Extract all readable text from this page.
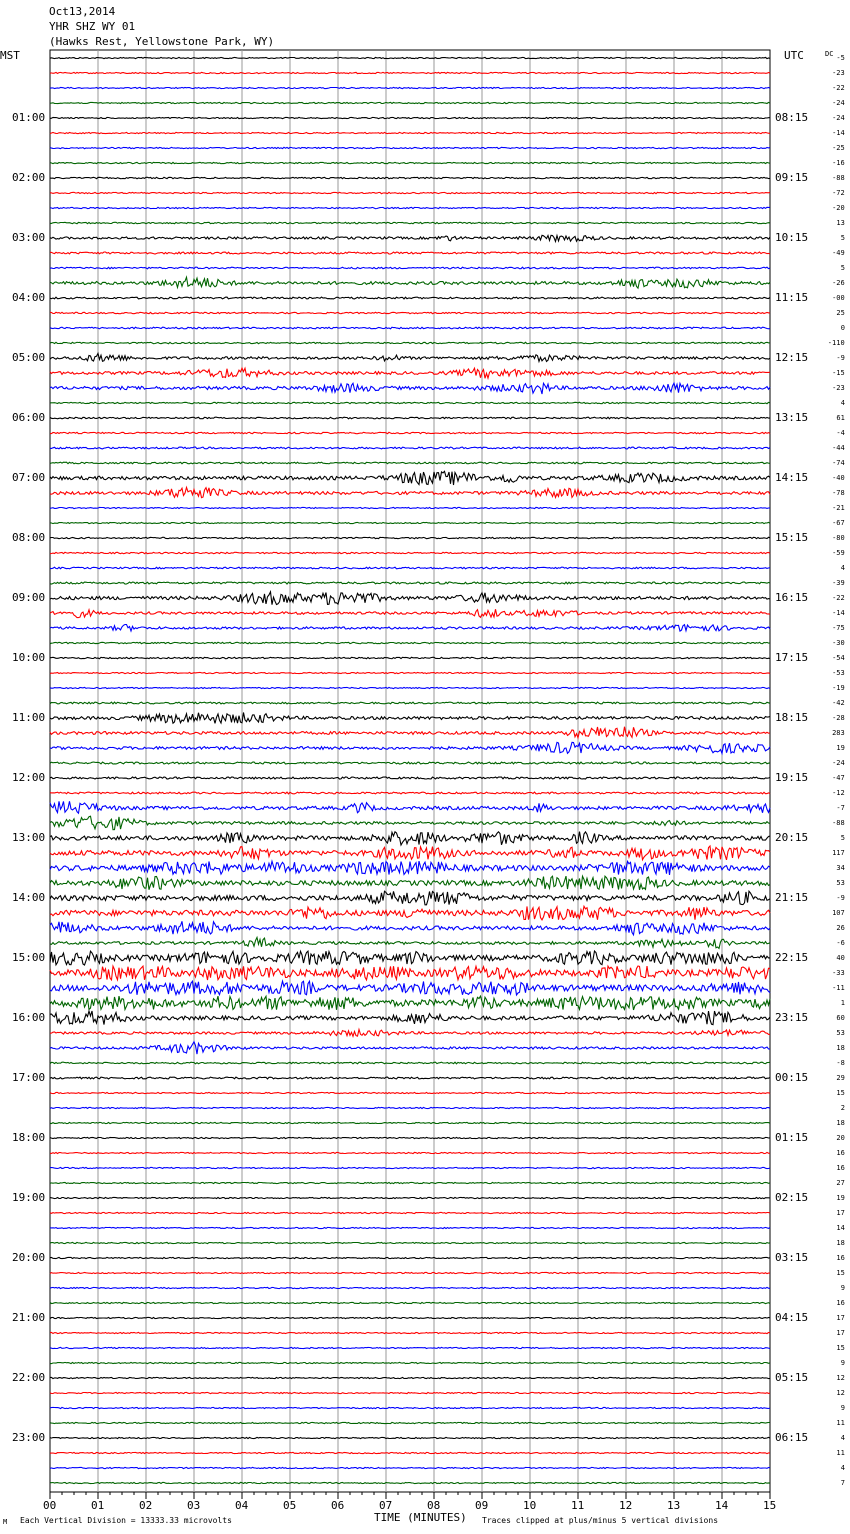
Oct13,2014
YHR SHZ WY 01
(Hawks Rest, Yellowstone Park, WY)
MST	UTC	DC
01:00
02:00
03:00
04:00
05:00
06:00
07:00
08:00
09:00
10:00
11:00
12:00
13:00
14:00
15:00
16:00
17:00
18:00
19:00
20:00
21:00
22:00
23:00
08:15
09:15
10:15
11:15
12:15
13:15
14:15
15:15
16:15
17:15
18:15
19:15
20:15
21:15
22:15
23:15
00:15
01:15
02:15
03:15
04:15
05:15
06:15
-5
-23
-22
-24
-24
-14
-25
-16
-88
-72
-20
13
5
-49
5
-26
-00
25
0
-110
-9
-15
-23
4
61
-4
-44
-74
-40
-78
-21
-67
-80
-59
4
-39
-22
-14
-75
-30
-54
-53
-19
-42
-28
283
19
-24
-47
-12
-7
-88
5
117
34
53
-9
107
26
-6
40
-33
-11
1
60
53
18
-8
29
15
2
18
20
16
16
27
19
17
14
18
16
15
9
16
17
17
15
9
12
12
9
11
4
11
4
7
00	01	02	03	04	05	06	07	08	09	10	11	12	13	14	15
M Each Vertical Division = 13333.33 microvolts	TIME (MINUTES) Traces clipped at plus/minus 5 vertical divisions
